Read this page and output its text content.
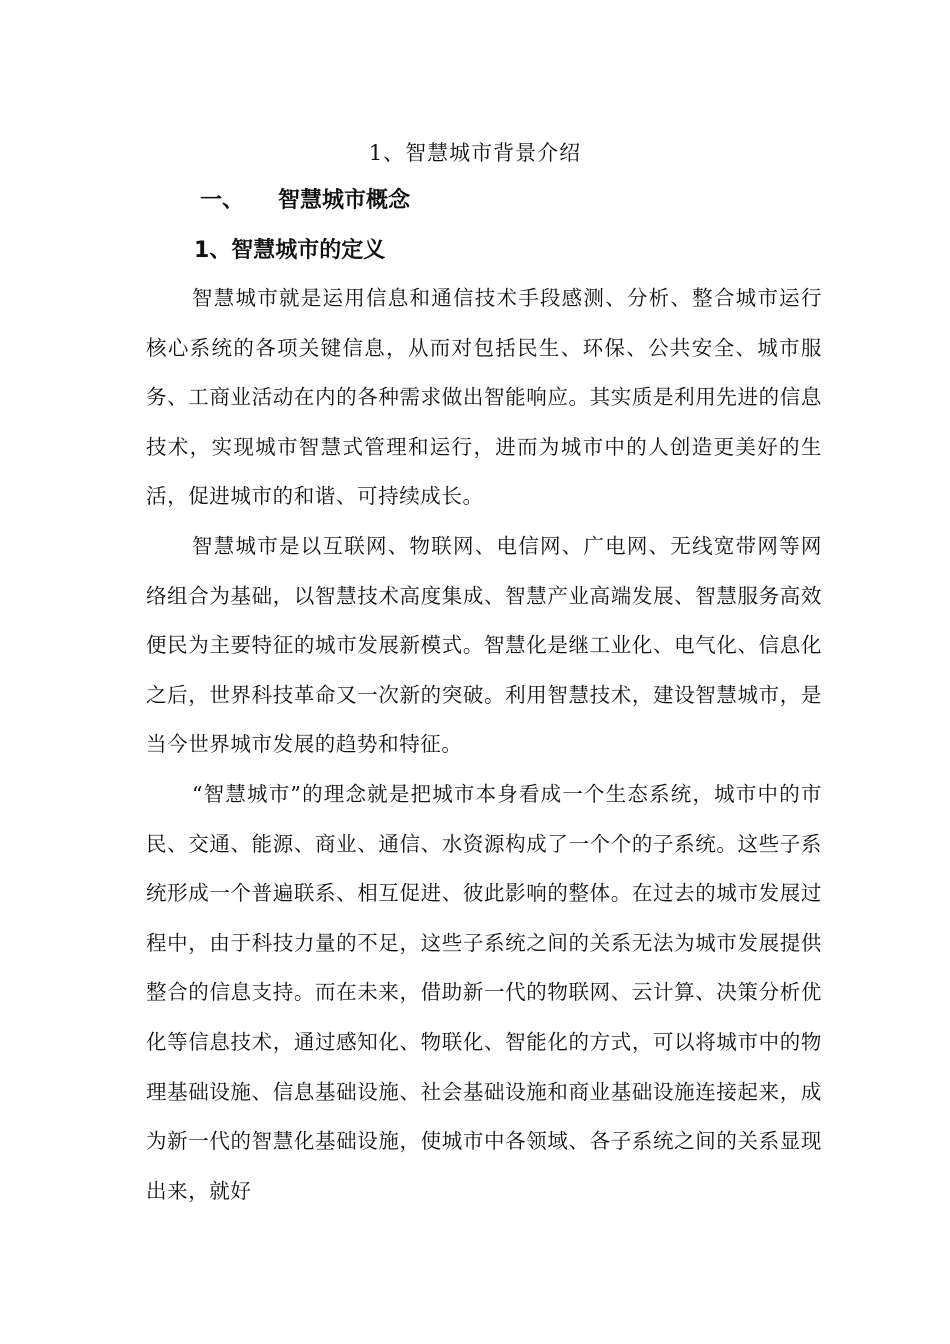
1、智慧城市背景介绍
一、 智慧城市概念
1、智慧城市的定义

智慧城市就是运用信息和通信技术手段感测、分析、整合城市运行核心系统的各项关键信息，从而对包括民生、环保、公共安全、城市服务、工商业活动在内的各种需求做出智能响应。其实质是利用先进的信息技术，实现城市智慧式管理和运行，进而为城市中的人创造更美好的生活，促进城市的和谐、可持续成长。

智慧城市是以互联网、物联网、电信网、广电网、无线宽带网等网络组合为基础，以智慧技术高度集成、智慧产业高端发展、智慧服务高效便民为主要特征的城市发展新模式。智慧化是继工业化、电气化、信息化之后，世界科技革命又一次新的突破。利用智慧技术，建设智慧城市，是当今世界城市发展的趋势和特征。

“智慧城市”的理念就是把城市本身看成一个生态系统，城市中的市民、交通、能源、商业、通信、水资源构成了一个个的子系统。这些子系统形成一个普遍联系、相互促进、彼此影响的整体。在过去的城市发展过程中，由于科技力量的不足，这些子系统之间的关系无法为城市发展提供整合的信息支持。而在未来，借助新一代的物联网、云计算、决策分析优化等信息技术，通过感知化、物联化、智能化的方式，可以将城市中的物理基础设施、信息基础设施、社会基础设施和商业基础设施连接起来，成为新一代的智慧化基础设施，使城市中各领域、各子系统之间的关系显现出来，就好
